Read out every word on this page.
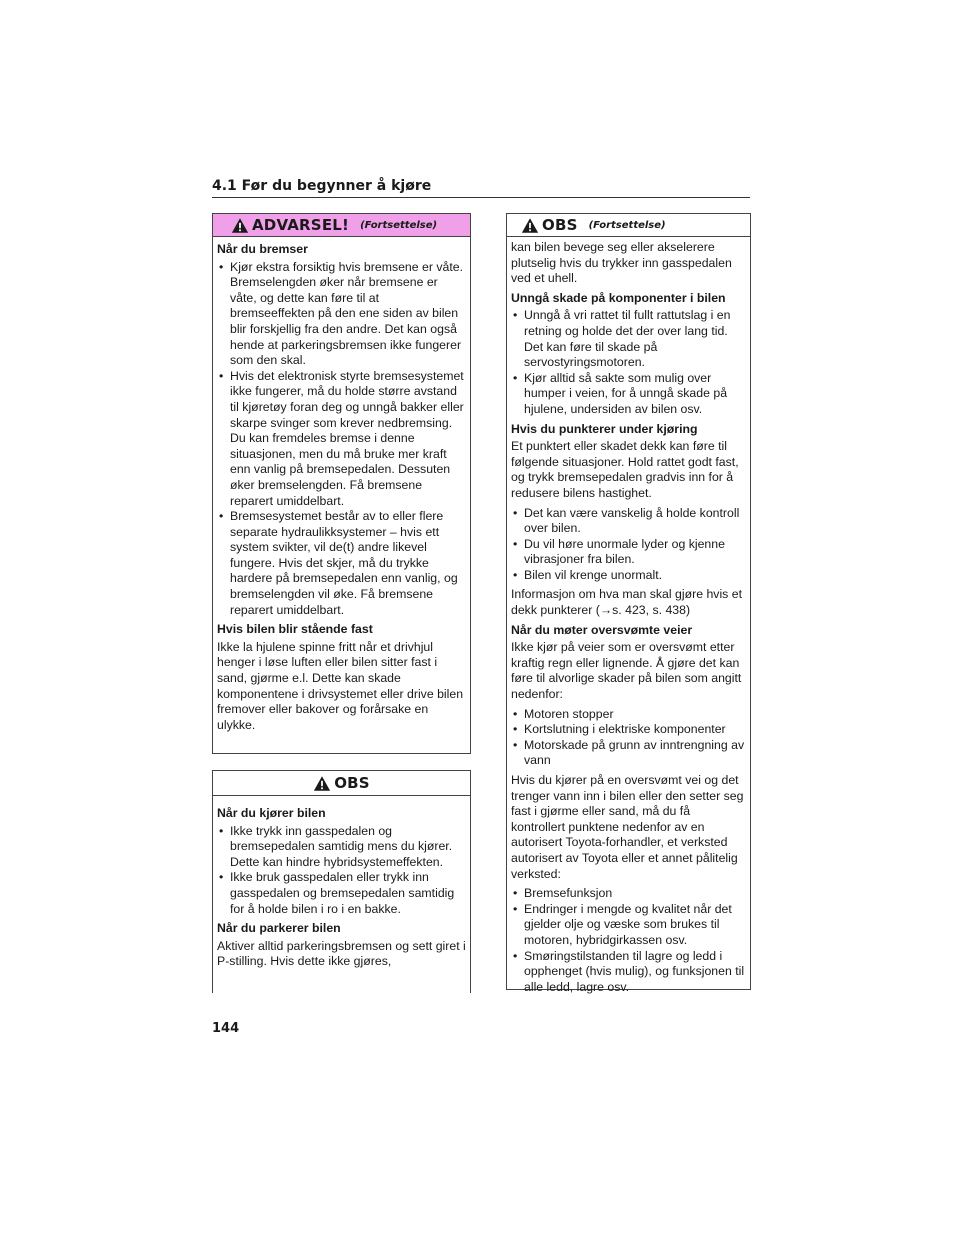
4.1 Før du begynner å kjøre
ADVARSEL! (Fortsettelse)
Når du bremser
• Kjør ekstra forsiktig hvis bremsene er våte. Bremselengden øker når bremsene er våte, og dette kan føre til at bremseeffekten på den ene siden av bilen blir forskjellig fra den andre. Det kan også hende at parkeringsbremsen ikke fungerer som den skal.
• Hvis det elektronisk styrte bremsesystemet ikke fungerer, må du holde større avstand til kjøretøy foran deg og unngå bakker eller skarpe svinger som krever nedbremsing. Du kan fremdeles bremse i denne situasjonen, men du må bruke mer kraft enn vanlig på bremsepedalen. Dessuten øker bremselengden. Få bremsene reparert umiddelbart.
• Bremsesystemet består av to eller flere separate hydraulikksystemer – hvis ett system svikter, vil de(t) andre likevel fungere. Hvis det skjer, må du trykke hardere på bremsepedalen enn vanlig, og bremselengden vil øke. Få bremsene reparert umiddelbart.
Hvis bilen blir stående fast
Ikke la hjulene spinne fritt når et drivhjul henger i løse luften eller bilen sitter fast i sand, gjørme e.l. Dette kan skade komponentene i drivsystemet eller drive bilen fremover eller bakover og forårsake en ulykke.
OBS
Når du kjører bilen
• Ikke trykk inn gasspedalen og bremsepedalen samtidig mens du kjører. Dette kan hindre hybridsystemeffekten.
• Ikke bruk gasspedalen eller trykk inn gasspedalen og bremsepedalen samtidig for å holde bilen i ro i en bakke.
Når du parkerer bilen
Aktiver alltid parkeringsbremsen og sett giret i P-stilling. Hvis dette ikke gjøres,
OBS (Fortsettelse)
kan bilen bevege seg eller akselerere plutselig hvis du trykker inn gasspedalen ved et uhell.
Unngå skade på komponenter i bilen
• Unngå å vri rattet til fullt rattutslag i en retning og holde det der over lang tid. Det kan føre til skade på servostyringsmotoren.
• Kjør alltid så sakte som mulig over humper i veien, for å unngå skade på hjulene, undersiden av bilen osv.
Hvis du punkterer under kjøring
Et punktert eller skadet dekk kan føre til følgende situasjoner. Hold rattet godt fast, og trykk bremsepedalen gradvis inn for å redusere bilens hastighet.
• Det kan være vanskelig å holde kontroll over bilen.
• Du vil høre unormale lyder og kjenne vibrasjoner fra bilen.
• Bilen vil krenge unormalt.
Informasjon om hva man skal gjøre hvis et dekk punkterer (→s. 423, s. 438)
Når du møter oversvømte veier
Ikke kjør på veier som er oversvømt etter kraftig regn eller lignende. Å gjøre det kan føre til alvorlige skader på bilen som angitt nedenfor:
• Motoren stopper
• Kortslutning i elektriske komponenter
• Motorskade på grunn av inntrengning av vann
Hvis du kjører på en oversvømt vei og det trenger vann inn i bilen eller den setter seg fast i gjørme eller sand, må du få kontrollert punktene nedenfor av en autorisert Toyota-forhandler, et verksted autorisert av Toyota eller et annet pålitelig verksted:
• Bremsefunksjon
• Endringer i mengde og kvalitet når det gjelder olje og væske som brukes til motoren, hybridgirkassen osv.
• Smøringstilstanden til lagre og ledd i opphenget (hvis mulig), og funksjonen til alle ledd, lagre osv.
144
